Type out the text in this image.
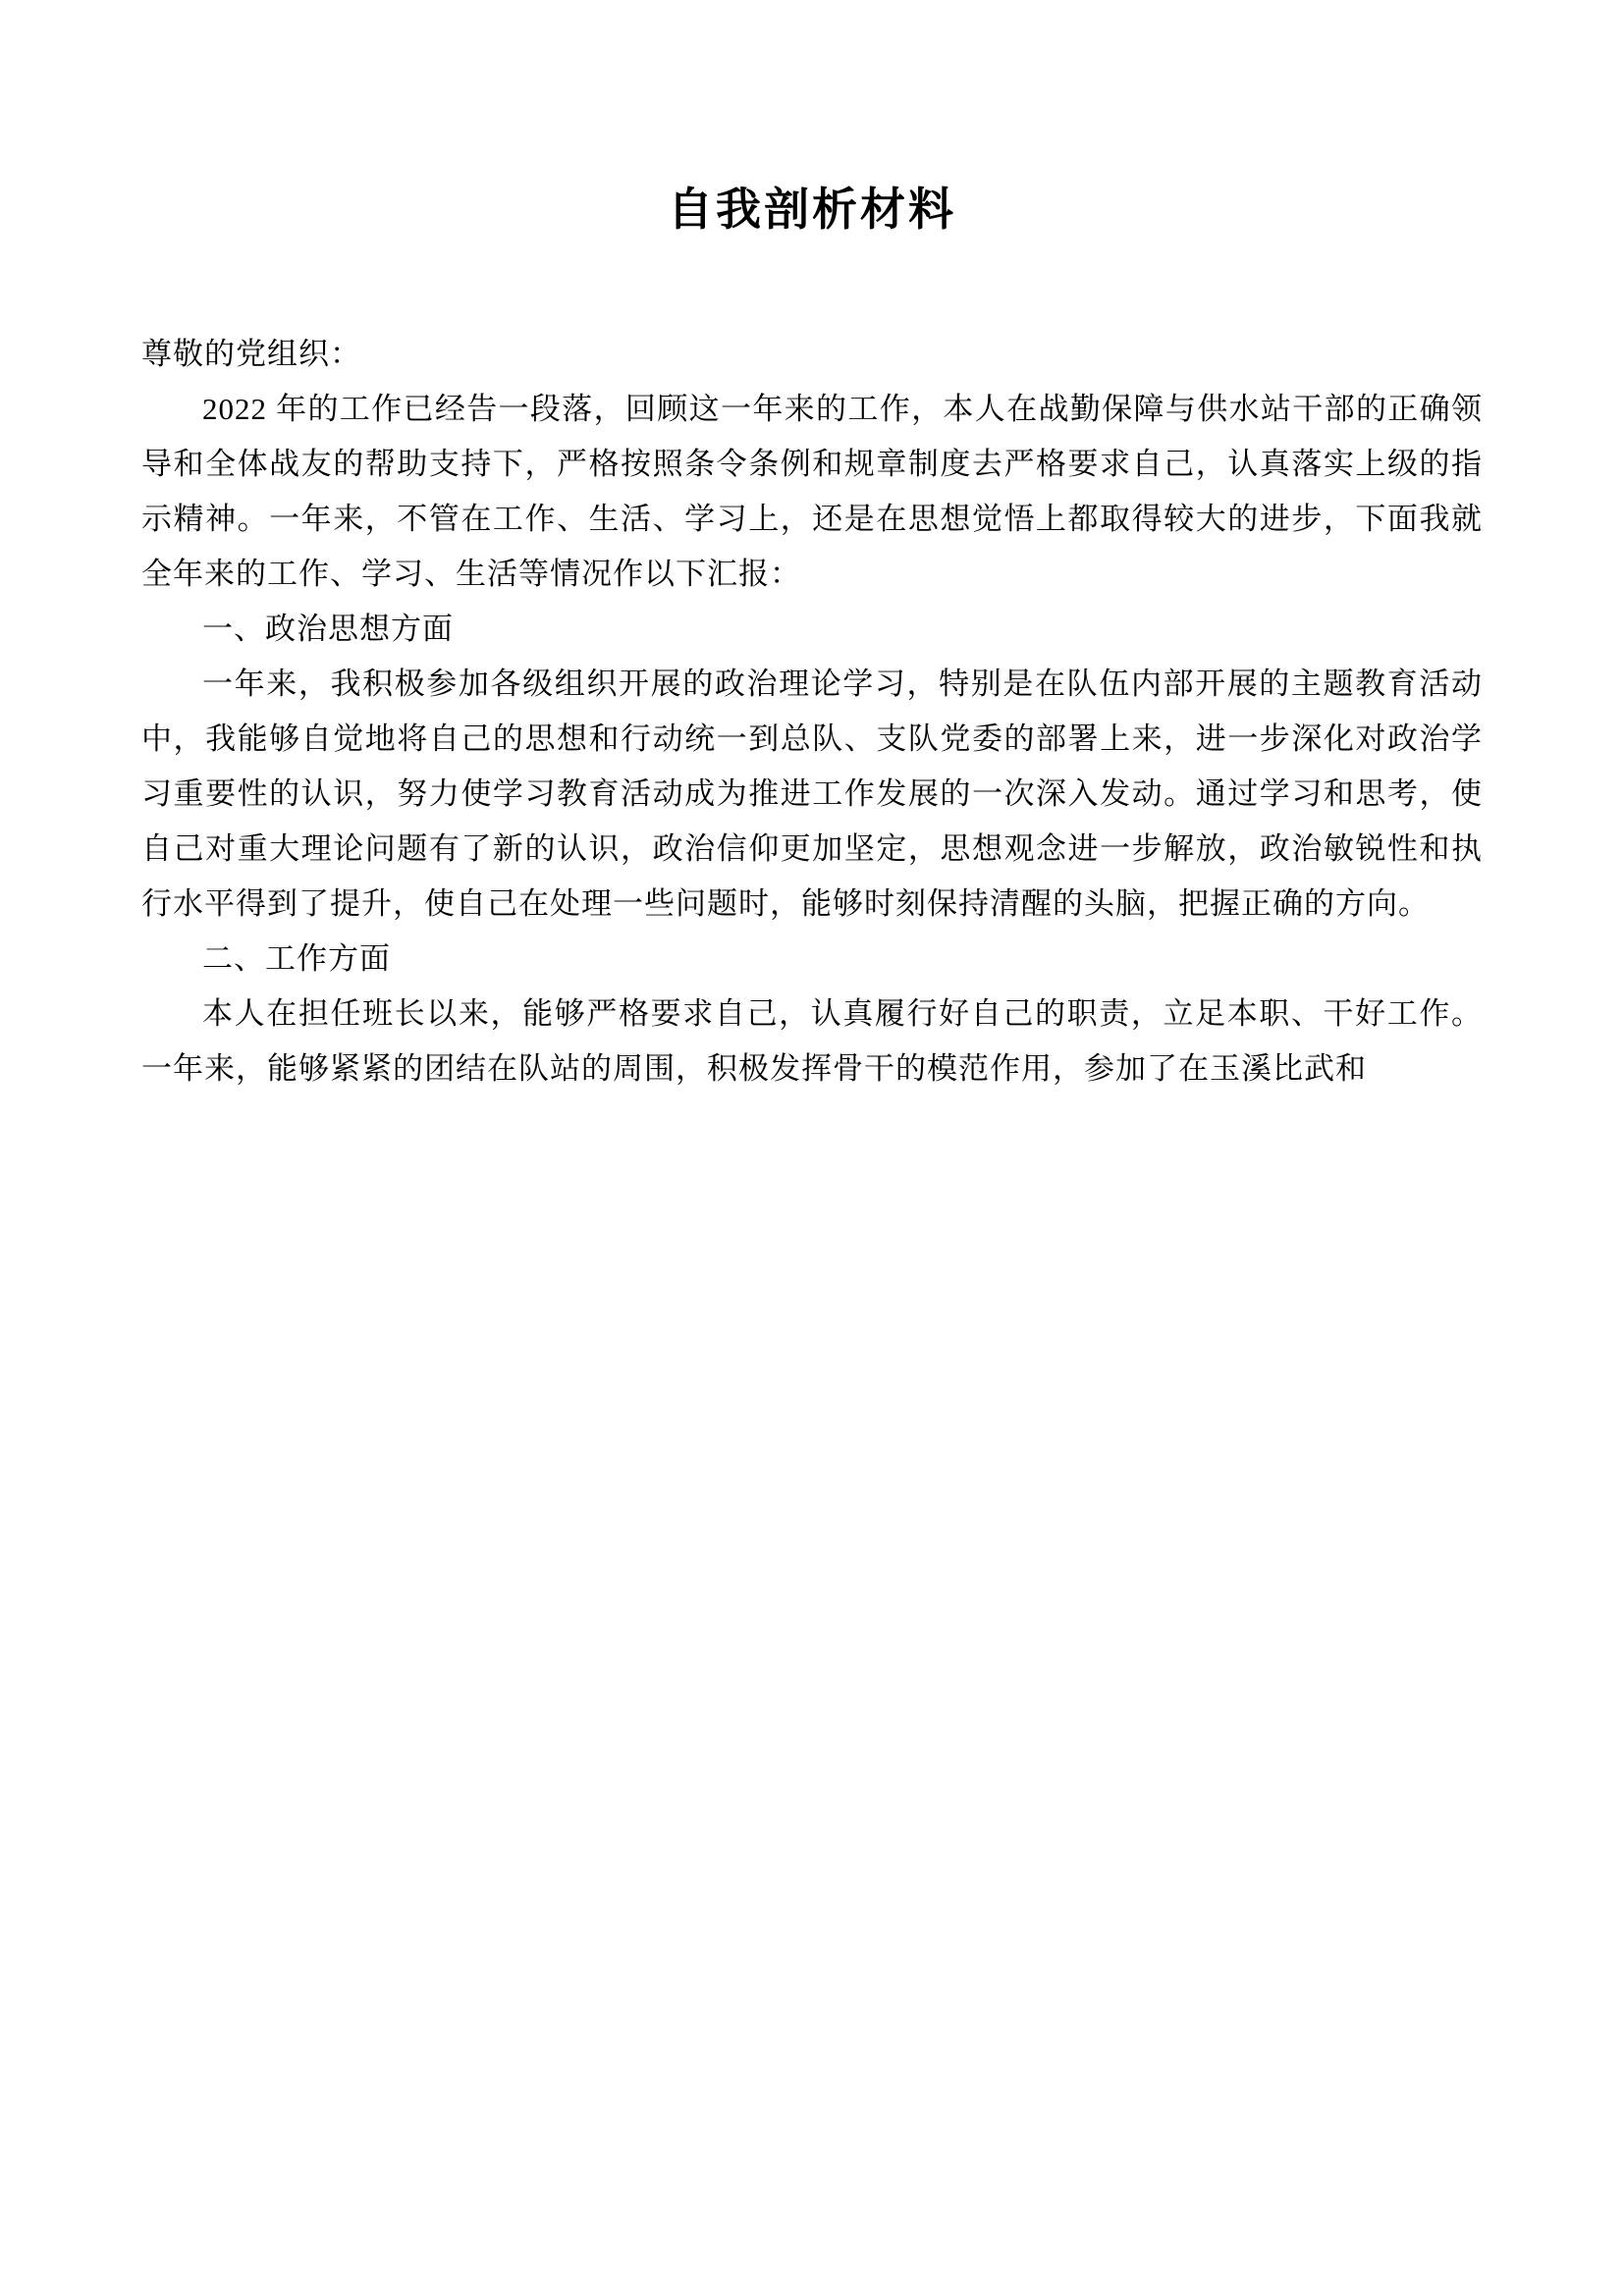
自我剖析材料

尊敬的党组织：

2022 年的工作已经告一段落，回顾这一年来的工作，本人在战勤保障与供水站干部的正确领导和全体战友的帮助支持下，严格按照条令条例和规章制度去严格要求自己，认真落实上级的指示精神。一年来，不管在工作、生活、学习上，还是在思想觉悟上都取得较大的进步，下面我就全年来的工作、学习、生活等情况作以下汇报：

一、政治思想方面

一年来，我积极参加各级组织开展的政治理论学习，特别是在队伍内部开展的主题教育活动中，我能够自觉地将自己的思想和行动统一到总队、支队党委的部署上来，进一步深化对政治学习重要性的认识，努力使学习教育活动成为推进工作发展的一次深入发动。通过学习和思考，使自己对重大理论问题有了新的认识，政治信仰更加坚定，思想观念进一步解放，政治敏锐性和执行水平得到了提升，使自己在处理一些问题时，能够时刻保持清醒的头脑，把握正确的方向。

二、工作方面

本人在担任班长以来，能够严格要求自己，认真履行好自己的职责，立足本职、干好工作。一年来，能够紧紧的团结在队站的周围，积极发挥骨干的模范作用，参加了在玉溪比武和
